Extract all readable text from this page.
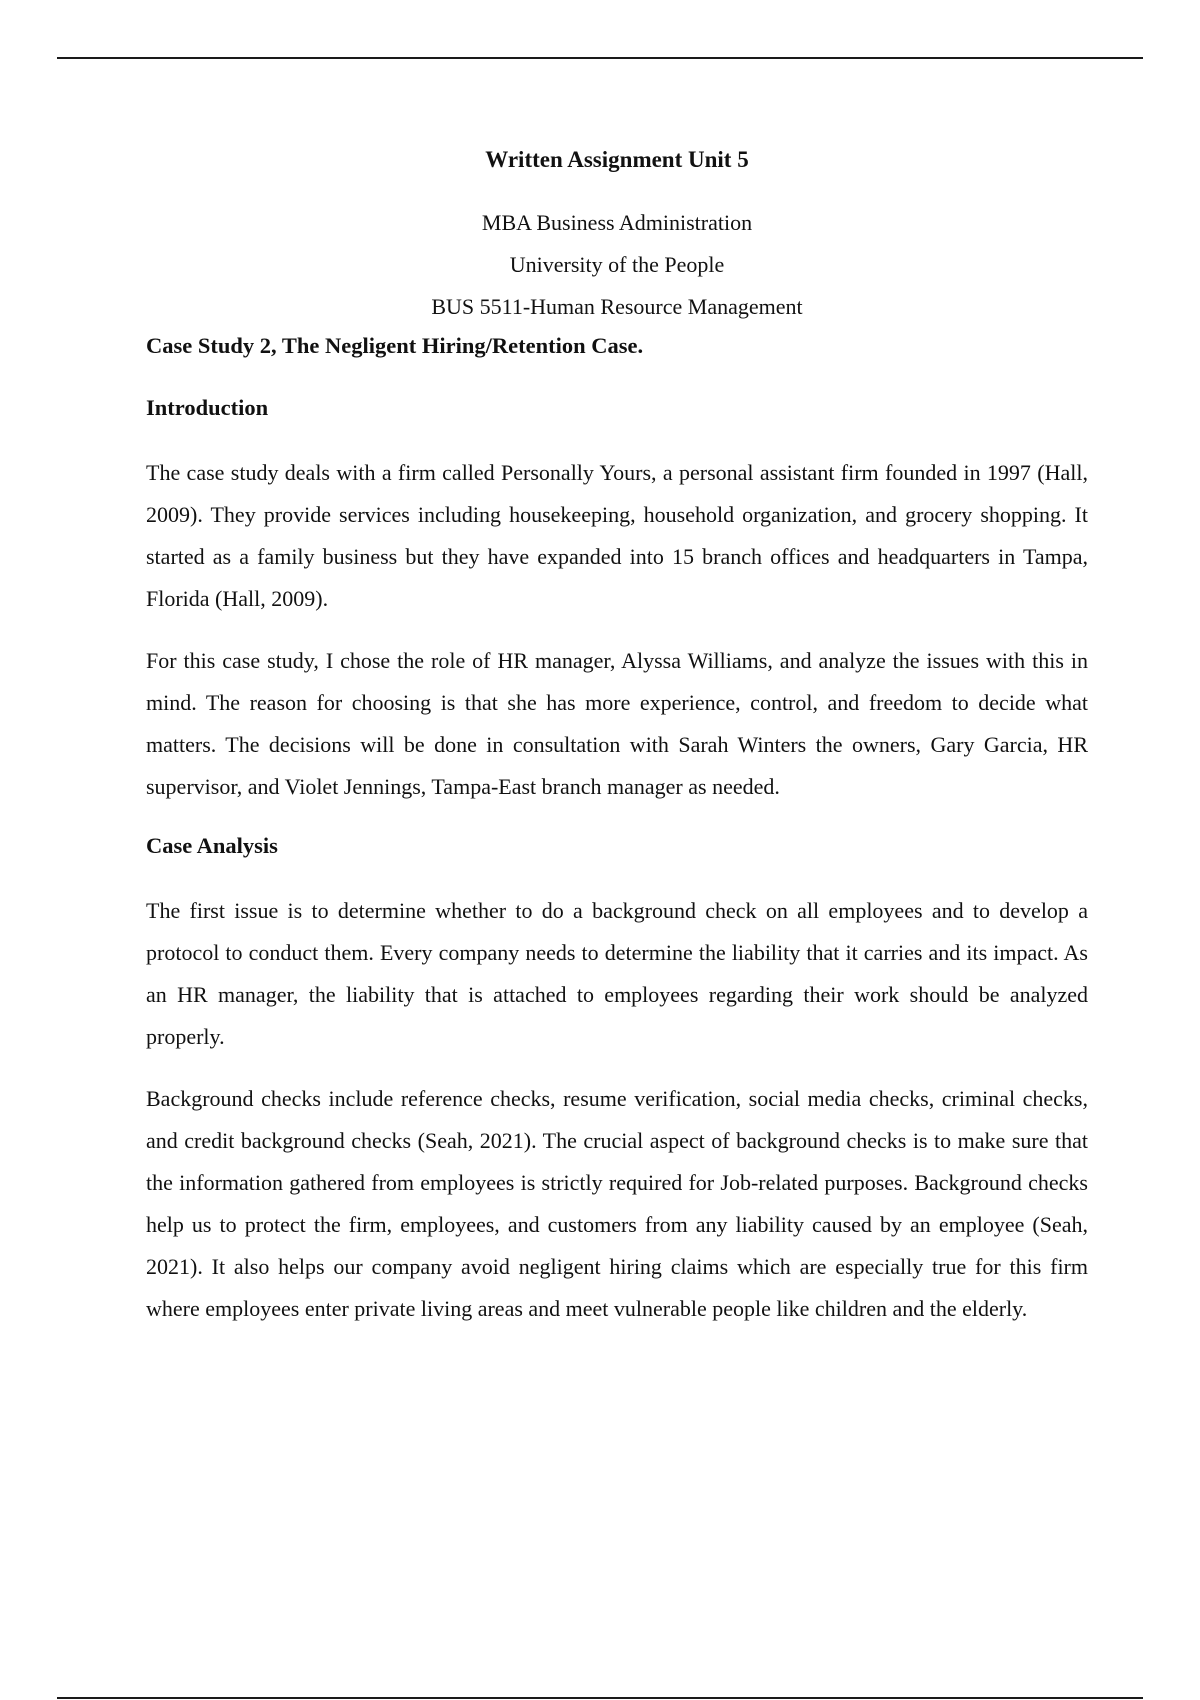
Written Assignment Unit 5

MBA Business Administration

University of the People

BUS 5511-Human Resource Management

Case Study 2, The Negligent Hiring/Retention Case.
Introduction

The case study deals with a firm called Personally Yours, a personal assistant firm founded in 1997 (Hall, 2009). They provide services including housekeeping, household organization, and grocery shopping. It started as a family business but they have expanded into 15 branch offices and headquarters in Tampa, Florida (Hall, 2009).

For this case study, I chose the role of HR manager, Alyssa Williams, and analyze the issues with this in mind. The reason for choosing is that she has more experience, control, and freedom to decide what matters. The decisions will be done in consultation with Sarah Winters the owners, Gary Garcia, HR supervisor, and Violet Jennings, Tampa-East branch manager as needed.

Case Analysis

The first issue is to determine whether to do a background check on all employees and to develop a protocol to conduct them. Every company needs to determine the liability that it carries and its impact. As an HR manager, the liability that is attached to employees regarding their work should be analyzed properly.

Background checks include reference checks, resume verification, social media checks, criminal checks, and credit background checks (Seah, 2021). The crucial aspect of background checks is to make sure that the information gathered from employees is strictly required for Job-related purposes. Background checks help us to protect the firm, employees, and customers from any liability caused by an employee (Seah, 2021). It also helps our company avoid negligent hiring claims which are especially true for this firm where employees enter private living areas and meet vulnerable people like children and the elderly.
